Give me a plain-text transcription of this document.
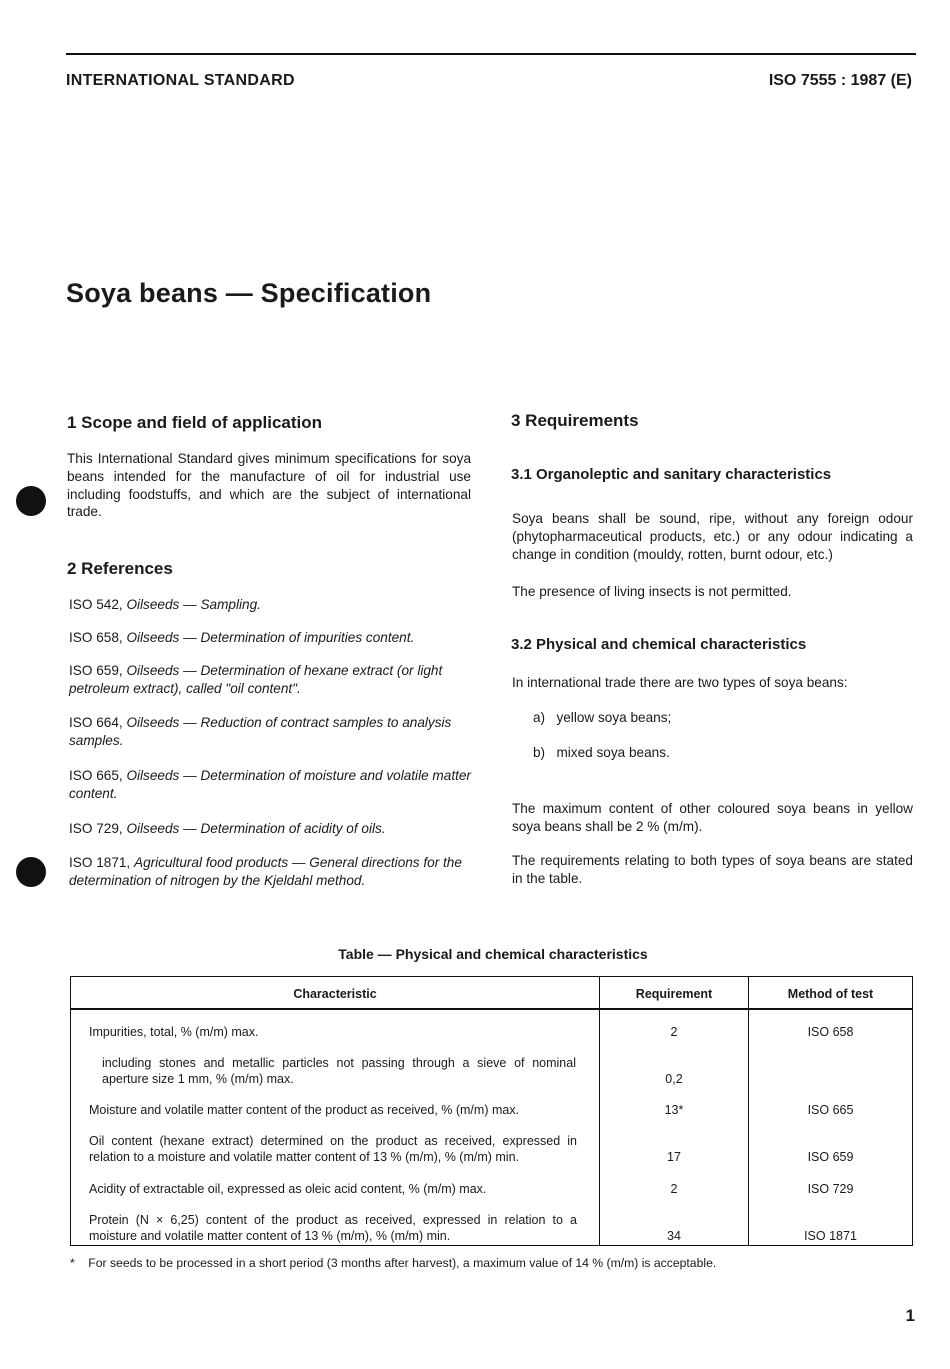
INTERNATIONAL STANDARD	ISO 7555 : 1987 (E)
Soya beans — Specification
1 Scope and field of application

This International Standard gives minimum specifications for soya beans intended for the manufacture of oil for industrial use including foodstuffs, and which are the subject of international trade.

2 References
ISO 542, Oilseeds — Sampling.
ISO 658, Oilseeds — Determination of impurities content.
ISO 659, Oilseeds — Determination of hexane extract (or light petroleum extract), called "oil content".
ISO 664, Oilseeds — Reduction of contract samples to analysis samples.
ISO 665, Oilseeds — Determination of moisture and volatile matter content.
ISO 729, Oilseeds — Determination of acidity of oils.
ISO 1871, Agricultural food products — General directions for the determination of nitrogen by the Kjeldahl method.
3 Requirements
3.1 Organoleptic and sanitary characteristics

Soya beans shall be sound, ripe, without any foreign odour (phytopharmaceutical products, etc.) or any odour indicating a change in condition (mouldy, rotten, burnt odour, etc.)

The presence of living insects is not permitted.

3.2 Physical and chemical characteristics

In international trade there are two types of soya beans:

a) yellow soya beans;
b) mixed soya beans.

The maximum content of other coloured soya beans in yellow soya beans shall be 2 % (m/m).

The requirements relating to both types of soya beans are stated in the table.

Table — Physical and chemical characteristics
Characteristic	Requirement	Method of test
Impurities, total, % (m/m) max.	2	ISO 658
including stones and metallic particles not passing through a sieve of nominal aperture size 1 mm, % (m/m) max.	0,2
Moisture and volatile matter content of the product as received, % (m/m) max.	13*	ISO 665
Oil content (hexane extract) determined on the product as received, expressed in relation to a moisture and volatile matter content of 13 % (m/m), % (m/m) min.	17	ISO 659
Acidity of extractable oil, expressed as oleic acid content, % (m/m) max.	2	ISO 729
Protein (N × 6,25) content of the product as received, expressed in relation to a moisture and volatile matter content of 13 % (m/m), % (m/m) min.	34	ISO 1871
* For seeds to be processed in a short period (3 months after harvest), a maximum value of 14 % (m/m) is acceptable.
1
